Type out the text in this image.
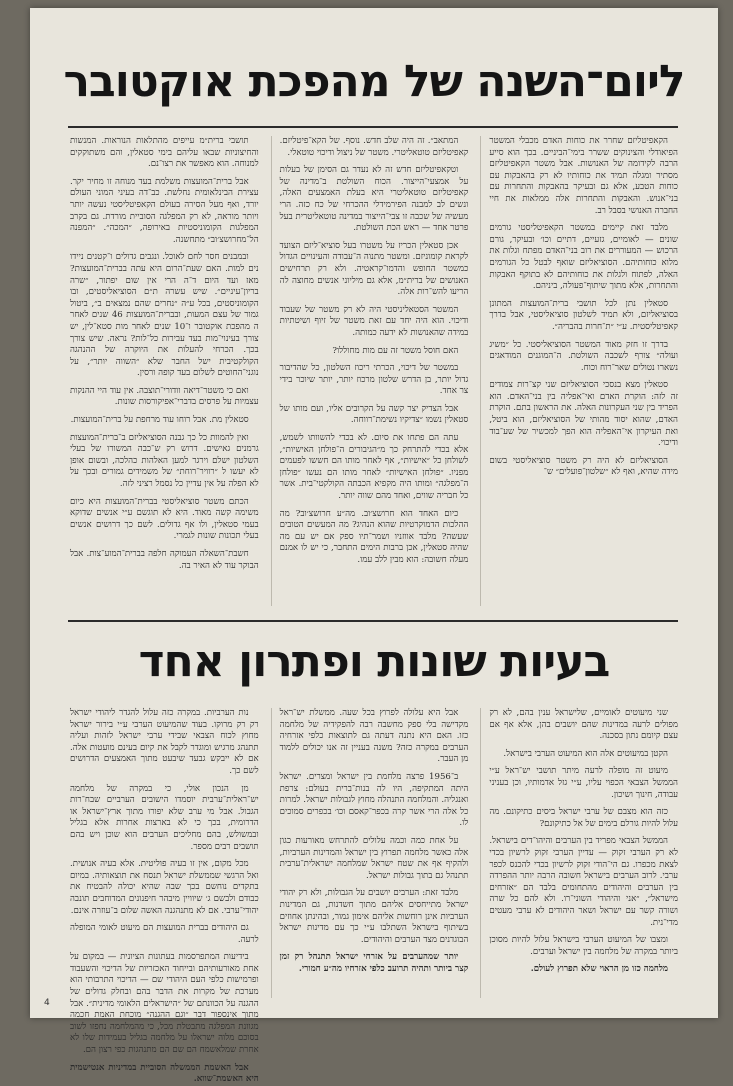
ליום־השנה של מהפכת אוקטובר

הקאפיטליזם שחרר את כוחות האדם מכבלי המשטר הפיאודלי והצינוקים ששרר בימי־הביניים. בכך הוא סייע הרבה לקידומה של האנושות. אבל משטר הקאפיטליזם מסתיר ומגלה תמיד את כוחותיו לא רק בהאבקות עם כוחות הטבע, אלא גם ובעיקר בהאבקות והתחרות עם בני־אנוש. והאבקות והתחרות אלה ממלאות את חיי החברה האנושי בסבל רב.

מלבד זאת קיימים במשטר הקאפיטליסטי גורמים שונים — לאומיים, גזעיים, דתיים וכו׳ ובעיקר, גורם הרכוש — המעוררים את רוב בני־האדם מפתח וגלות את מלוא כוחותיהם. הסוציאליזם שואף לבטל כל הגורמים האלה, לפתוח ולגלות את כוחותיהם לא בתוקף האבקות והתחרות, אלא מתוך שיתוף־פעולה, ביניהם.

סטאלין נתן לכל תושבי ברית־המועצות המתונן בסוציאליזם, ולא תמיד לשלטון סוציאליסטי, אבל בדרך קאפיטליסטית. ע״י ״ת־חרות בהבריה״.

בדרך זו חזק מאוד המשטר הסוציאליסטי. כל ״משיג ועולה״ צורף לשכבה השולטת. ה־המוגנים המודאגים נשארו נטולים שאר־רוח וכוח.

סטאלין מצא בנסכי הסוציאליזם שני קצ־רות צמודים זה לזה: הוקרת האדם ואי־אפליה בין בני־האדם. הוא הפריד בין שני העקרונות האלה. את הראשון בתם. הוקרת האדם, שהוא יסוד מהותי של הסוציאליזם, הוא ביטל, ואת העיקרון אי־האפליה הוא הפך למכשיר של שע־בוד ודיכוי.

הסוציאליזם לא היה רק משטר סוציאליסטי בשום מידה שהיא, ואף לא ״שלטון־פועלים״ ש־

המתאב״. זה היה שלב חדש. נוסף. של הקא־פיטליזם. קאפיטליזם טוטאליטרי. משטר של ניצול ודיכוי טוטאלי.

וטקאפיטליזם חדש זה לא נעדר גם הסימן של בעלות על אמצעי־הייצור. הכוח השולטת ב־מדינה של קאפיטליזם טוטאליטרי היא בעלת האמצעים האלה, ונשים לב למבנה הפירמידלי ההכרחי של כח כזה. הרי מעשיה של שכבה זו צבי־הייצור במדינה טוטאליטרית בעל פרטר אחד — ראש הכת השולטת.

אכן סטאלין הכריז על משטרו בעל סוציא־ליזם הצועד לקראת קומוניזם. ומשטר מתנוה ה־עבודה והעינויים הגדול כמשטר החופש והדמו־קראטיה. ולא רק תרחישים האנושים של ברית״מ, אלא גם מיליוני אנשים מחוצה לה הריעו להש־רות אלה.

המשטר הסטאליניסטי היה לא רק משטר של שעבוד ודיכוי. הוא היה יחד עם זאת משטר של זיוף ושיטתיות במידה שהאנושות לא ידעה כמותה.

האם חוסל משטר זה עם מות מחוללו?

במשטר של דיכוי, הכרתי ריכוז השלטון, כל שהדיבור גדול יותר, בן הדרש שלטון מרכוז יותר, יותר שיוכר בידי צר אחד.

אבל הצדיק יצר קשה על הקרובים אליו, ועם מותו של סטאלין נשמו ״צדיקיו נשימת־רווחה.

עתה הם פתחו את סיום. לא בכדי להשוותו לשמש, אלא בכדי להתרחק כך מ״הגיבורים ה־פולחן האישיות״, לשולחן כל ״אישיות״, אף לאחר מותו הם חששו לפעמים מפניו. ״פולחן האישיות״ לאחר מותו הם נעשו ״פולחן ה־מפלגה״ ומותו היה מקפיא הכבתה הקולקטי־בית. אשר כל חבריה שווים, ואחד מהם שווה יותר.

כיום האחד הוא חרושצ׳וב. מה״ע חרושצ׳וב? מה ההלכות הדמוקרטיות שהוא הנהיג? מה המעשים הטובים שעשה? מלבד אווזניו ושמר־תיו ספק אם יש עם מה שהיה סטאלין, אכן ברבות הימים התחבר, כי יש לו אמנם מעלה חשובה: הוא מבין ללב עמו.

תושבי ברית״מ עייפים מהתלאות הנוראות. המנשות והחיצוניות שבאו עליהם בימי סטאלין, והם משתוקקים למנוחה. הוא מאפשר את רצו־נם.

אבל ברית־המועצות משלמת בעד מנוחה זו מחיר יקר. עצירת הבינלאומית נחלשת. כב־דה בעיני המוני העולם יורד, ואף מעל הסירה בעולם הקאפיטליסטי נעשה יותר ויותר מוראה, לא רק המפלגה הסוביית מורדת. גם בקרב המפלגות הקומוניסטיות באירופה, ״המכה״. ״המפנה הל־מחרושצ׳וב״ מתחשנה.

ובמבנים חסר לחם לאוכל. ונגבים גדולים ו־קטנים ניידו נים למות. האם שעת־הרום היא עתה בברית־המועצות? מאז ועד היום ד־ה הרי אין שום יפתור, ״שרה בריון־עיניים״. שיש עשרה ת״ם הסוציאליסטים, ובו הקומוניסטים, בכל ע״ה ״נחרים שהם נמצאים ב״, ביטול גמור של עצם המעות, ובברית־המועצות 46 שנים לאחר ה מהפכת אוקטובר ו־10 שנים לאחר מות סטא־לין, יש צורך בעינוי־מות בעד עבירות כל־לות? נראה. שיש צורך בכך. הכרחי להעלות את היוקרה של ההנהגה הקולקטיבית ישל החבר שלא ״השווה יותר״, על נוגני־החוטים לשלום בעד קופה ורסין.

ואם כי משטר־דיאה וודורי־תוצבה. אין עוד היי ההנקות עצמיות על פרסים בדברי־אפיקורסות שונות.

סטאלין מת. אבל רוחו עוד מרחפת על ברית־המועצות.

ואין להמוות כל כך גבנה הסוציאליזם ב־ברית־המועצות גרמנים גאישים. דרוש רק ש־כבה המשורו של בעלי השלטון ישלם וירגר למען האלהות כהלכה, ובשום אופן לא יעשו ל ״רוויר־רוחת״ של משמידים גמורים ובכך על לא הפלה על אין עדיין כל נסמל רציני לזה.

הכתם משטר סוציאליסטי בברית־המועצות היא כיום משימה קשה מאוד. היא לא תוגשם ע״י אנשים שדוקא בעמי סטאלין, ולו אף גדולים. לשם כך דרושים אנשים בעלי תכונות שונות לגמרי.

חשבת־השאלה העמוקה חלפה בברית־המוע־צות. אבל הבוקר עוד לא האיר בה.

בעיות שונות ופתרון אחד

שני מיעוטים לאומיים, שלישראל ענין בהם, לא רק מפולים לרעה במדינות שהם יושבים בהן, אלא אף אם עצם קיומם נתון בסכנה.

הקטן במיעוטים אלה הוא המיעוט הערבי בישראל.

מיעוט זה מופלה לרעה מיתר תושבי יש־ראל ע״י הממשל הצבאי הכפוי עליו, ע״י גזל אדמותיו, וכן בעניני עבודה, חינוך ושיכון.

כזה הוא מצבם של ערבי ישראל ביסים כתיקונם. מה עלול להיות גורלם בימים של אל כתיקונם?

הממשל הצבאי מפריד בין הערבים והיהו־דים בישראל. לא רק הערבי זקוק — עדיין הערבי זקוק לרשיון בכדי לצאת מכפרו. גם הי־הודי זקוק לרשיון בכדי להכנס לכפר ערבי. לרוב הערבים בישראל חשובה הרבה יותר ההפרדה בין הערבים והיהודים מהתחומים בלבד הם ״אזרחים מישראל״, ״אני והיהודי השוני־רו. ולא להם כל שרה ושורה קשר עם ישראל ושאר היהודים לא ערבי מעטים מדי־נית.

ומצבו של המיעוט הערבי בישראל עלול להיות מסוכן ביותר במקרה של מלחמה בין ישראל וערבים.

מלחמה כזו מן הראוי שלא תפרוץ לעולם.

אבל היא עלולה לפרוץ בכל שעה. ממשלת יש־ראל מקדישה בלי ספק מחשבה רבה להפקידיה של מלחמה כזו. האם היא נתנה דעתה גם לתוצאות כלפי אזרחיה הערבים במקרה כזה? משנה בעניין זה אנו יכולים ללמוד מן העבר.

ב־1956 פרצה מלחמת בין ישראל ומצרים. ישראל היתה המתקיפה, היו לה בנות־ברית בעולם: צרפת ואנגליה. והמלחמה התנהלה מחוץ לגבולות ישראל. למרות כל אלה הרי אשר קרה בכפר־קאסם וכו׳ בכפרים סמוכים לו.

על אחת כמה וכמה עלולים להתרחש מאורעות כגון אלה כאשר מלחמה תפרוץ בין ישראל והמדינות הערביות, ולהקיף אף את שטח ישראל שמלחמה ישראלית־ערבית תתנהל גם בתוך גבולות ישראל.

מלבד זאת: הערבים יושבים על הגבולות, ולא רק יהודי ישראל מתייחסים אליהם מתוך חשדנות, גם המדינות הערביות אינן רוחשות אליהם אימון גמור, ובהינתן אחוזים בשיתוף בישראל השתלבו ע״י כך עם מדינות ישראל הבוגדנים מצד הערבים והיהודים.

יותר שמהערבים על אזרחי ישראל תתנהל רק זמן קצר ביותר ותהיה תרועב כלפי אזרחיו מה״ע חמורי.

נות הערביות. במקרה כזה עלול להגדר ליהודי ישראל רק רק מרוקו. בעוד שהמיעוט הערבי ע״י בירור ישראל מחוץ לכוח הצבאי שבידי ערבי ישראל לזהות ועליה תתנהג מרגיש ומוגדר לקבל את קיום בעינם מועטות אלה. אם לא ייבקש גבעד שיבעט מתוך האמצעים הדרושים לשם כך.

מן הנכון אולי, כי במקרה של מלחמה יש־ראלית־ערבית יוסמדו הישובים הערביים שבח־רות הגבול. אבל מי ערב שלא יפורו מתוך ארץ־ישראל או הדרומית, בכך כי לא בארצות אחרות אלא בגליל ובמשולש, בהם מחליכים הערבים הוא שוכן ויש בהם תושבים רבים מספר.

מכל מקום, אין זו בעיה פוליטית. אלא בעיה אנושית. ואל הרגשי שממשלת ישראל תנסח את תוצאותיה. במיום בתקדים נוחשם בכך שבה שהיא יכולה להבטיח את כבודם ולבשם ג׳ שיוויין מיבהר חיפנונים המדוחבים תונבה יהודי־ערבי. אם לא מתנהגנה האשה שלום ב־עוזרה אינם.

גם היהודים בברית המועצות הם מיעוט לאומי המופלה לרעה.

בידיעות המתפרסמות בעתונות הציונית — במקום על אחת מאורעותיהם ובייחוד האכזריות של הדיכוי והשעבוד ופרמישות כלפי העם היהודי שם — הדיכוי התרבותי הוא מערכת של מקרות את הדבר בהם ובחלק גדולים של ההגנה על הכוונתם של ״הישראלים הלאומי מדינית״. אבל מתוך אינספור דבר ״וגם ההגנה״ מוכחת האמת חכמה מגוונת המפלגה מתבטלת מכל, כי מהמלחמה נחפזו לשוב בסוכם מלוה ישראלו על מלחמה בגליל בעמידות שלו לא אחרת שמלאשמח הם שם הם מתנהגות כפי רצון הם.

אבל האשמת הממשלה הסוביית במדיניות אנטישמית היא האשמת־שווא.

4
